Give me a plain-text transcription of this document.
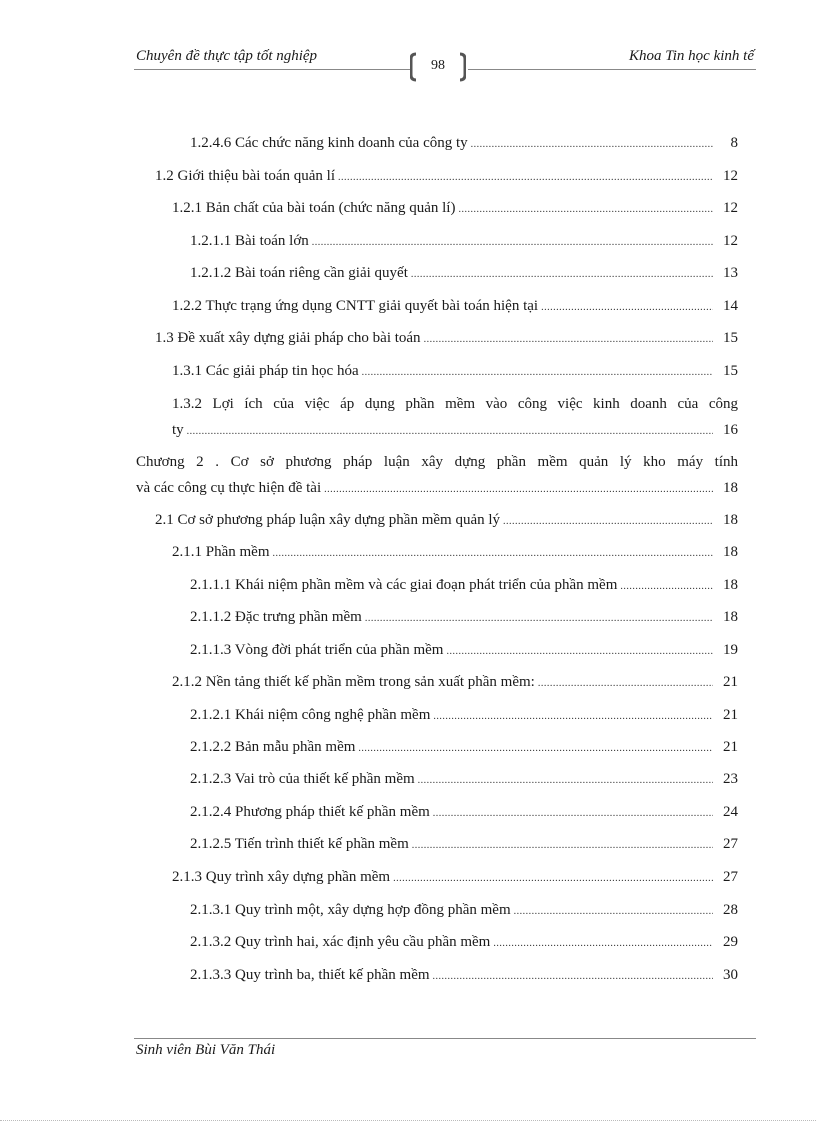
Chuyên đề thực tập tốt nghiệp
98
Khoa Tin học kinh tế
1.2.4.6 Các chức năng kinh doanh của công ty .....	8
1.2 Giới thiệu bài toán quản lí .....	12
1.2.1 Bản chất của bài toán (chức năng quản lí) .....	12
1.2.1.1 Bài toán lớn .....	12
1.2.1.2 Bài toán riêng cần giải quyết .....	13
1.2.2 Thực trạng ứng dụng CNTT giải quyết bài toán hiện tại .....	14
1.3 Đề xuất xây dựng giải pháp cho bài toán .....	15
1.3.1 Các giải pháp tin học hóa .....	15
1.3.2 Lợi ích của việc áp dụng phần mềm vào công việc kinh doanh của công
ty .....	16
Chương 2 . Cơ sở phương pháp luận xây dựng phần mềm quản lý kho máy tính
và các công cụ thực hiện đề tài .....	18
2.1 Cơ sở phương pháp luận xây dựng phần mềm quản lý .....	18
2.1.1 Phần mềm .....	18
2.1.1.1 Khái niệm phần mềm và các giai đoạn phát triển của phần mềm .....	18
2.1.1.2 Đặc trưng phần mềm .....	18
2.1.1.3 Vòng đời phát triển của phần mềm .....	19
2.1.2 Nền tảng thiết kế phần mềm trong sản xuất phần mềm: .....	21
2.1.2.1 Khái niệm công nghệ phần mềm .....	21
2.1.2.2 Bản mẫu phần mềm .....	21
2.1.2.3 Vai trò của thiết kế phần mềm .....	23
2.1.2.4 Phương pháp thiết kế phần mềm .....	24
2.1.2.5 Tiến trình thiết kế phần mềm .....	27
2.1.3 Quy trình xây dựng phần mềm .....	27
2.1.3.1 Quy trình một, xây dựng hợp đồng phần mềm .....	28
2.1.3.2 Quy trình hai, xác định yêu cầu phần mềm .....	29
2.1.3.3 Quy trình ba, thiết kế phần mềm .....	30
Sinh viên Bùi Văn Thái
